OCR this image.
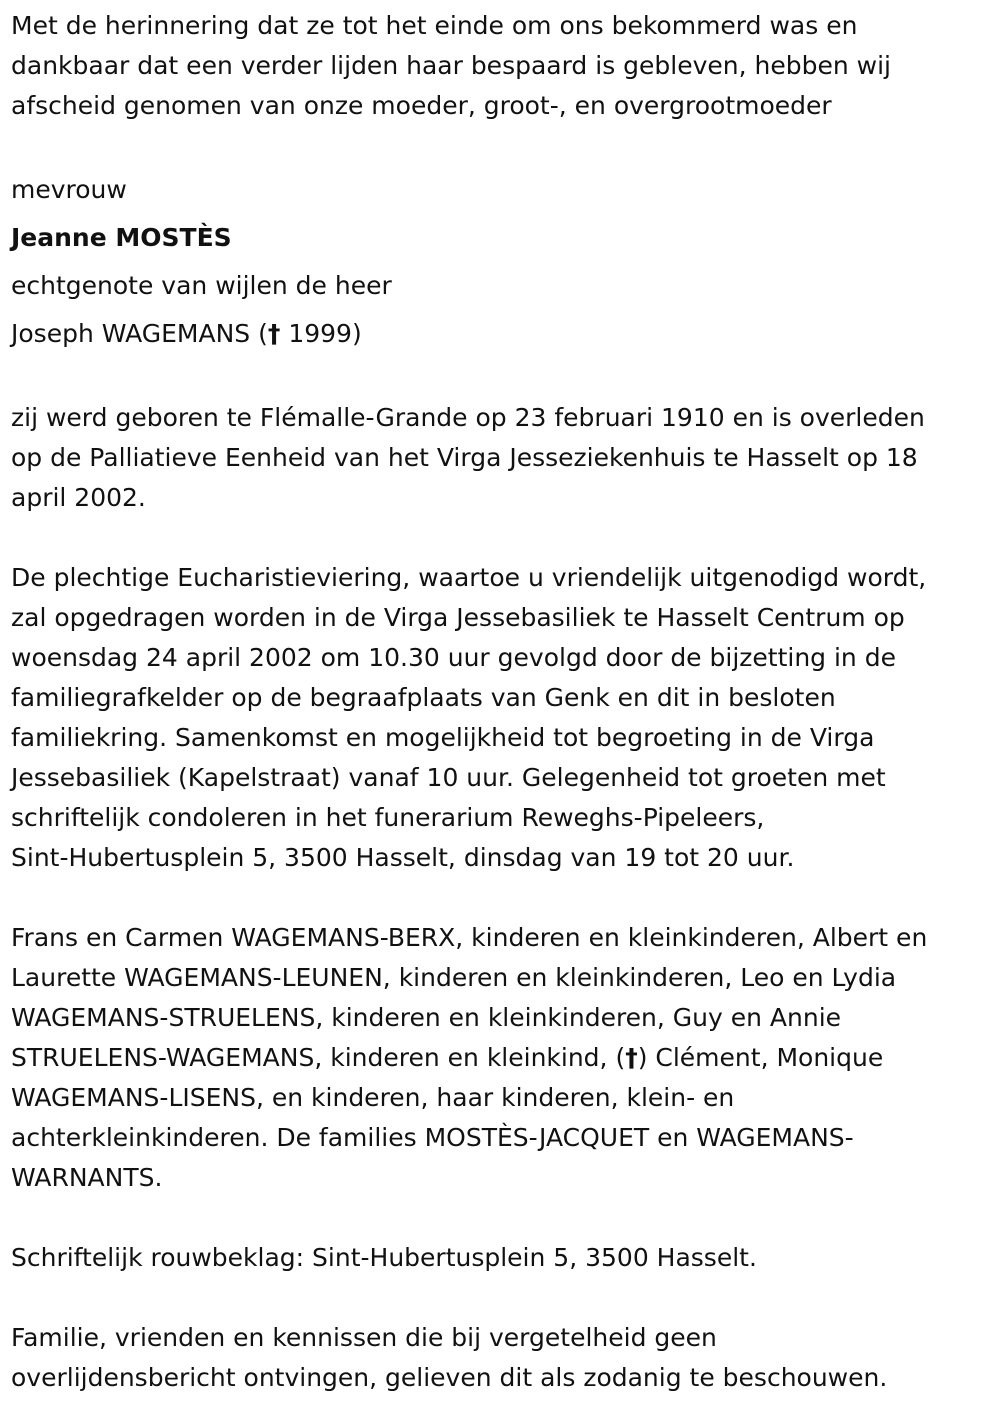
Met de herinnering dat ze tot het einde om ons bekommerd was en
dankbaar dat een verder lijden haar bespaard is gebleven, hebben wij
afscheid genomen van onze moeder, groot-, en overgrootmoeder

mevrouw

Jeanne MOSTÈS

echtgenote van wijlen de heer

Joseph WAGEMANS († 1999)

zij werd geboren te Flémalle-Grande op 23 februari 1910 en is overleden
op de Palliatieve Eenheid van het Virga Jesseziekenhuis te Hasselt op 18
april 2002.

De plechtige Eucharistieviering, waartoe u vriendelijk uitgenodigd wordt,
zal opgedragen worden in de Virga Jessebasiliek te Hasselt Centrum op
woensdag 24 april 2002 om 10.30 uur gevolgd door de bijzetting in de
familiegrafkelder op de begraafplaats van Genk en dit in besloten
familiekring. Samenkomst en mogelijkheid tot begroeting in de Virga
Jessebasiliek (Kapelstraat) vanaf 10 uur. Gelegenheid tot groeten met
schriftelijk condoleren in het funerarium Reweghs-Pipeleers,
Sint-Hubertusplein 5, 3500 Hasselt, dinsdag van 19 tot 20 uur.

Frans en Carmen WAGEMANS-BERX, kinderen en kleinkinderen, Albert en
Laurette WAGEMANS-LEUNEN, kinderen en kleinkinderen, Leo en Lydia
WAGEMANS-STRUELENS, kinderen en kleinkinderen, Guy en Annie
STRUELENS-WAGEMANS, kinderen en kleinkind, (†) Clément, Monique
WAGEMANS-LISENS, en kinderen, haar kinderen, klein- en
achterkleinkinderen. De families MOSTÈS-JACQUET en WAGEMANS-
WARNANTS.

Schriftelijk rouwbeklag: Sint-Hubertusplein 5, 3500 Hasselt.

Familie, vrienden en kennissen die bij vergetelheid geen
overlijdensbericht ontvingen, gelieven dit als zodanig te beschouwen.
